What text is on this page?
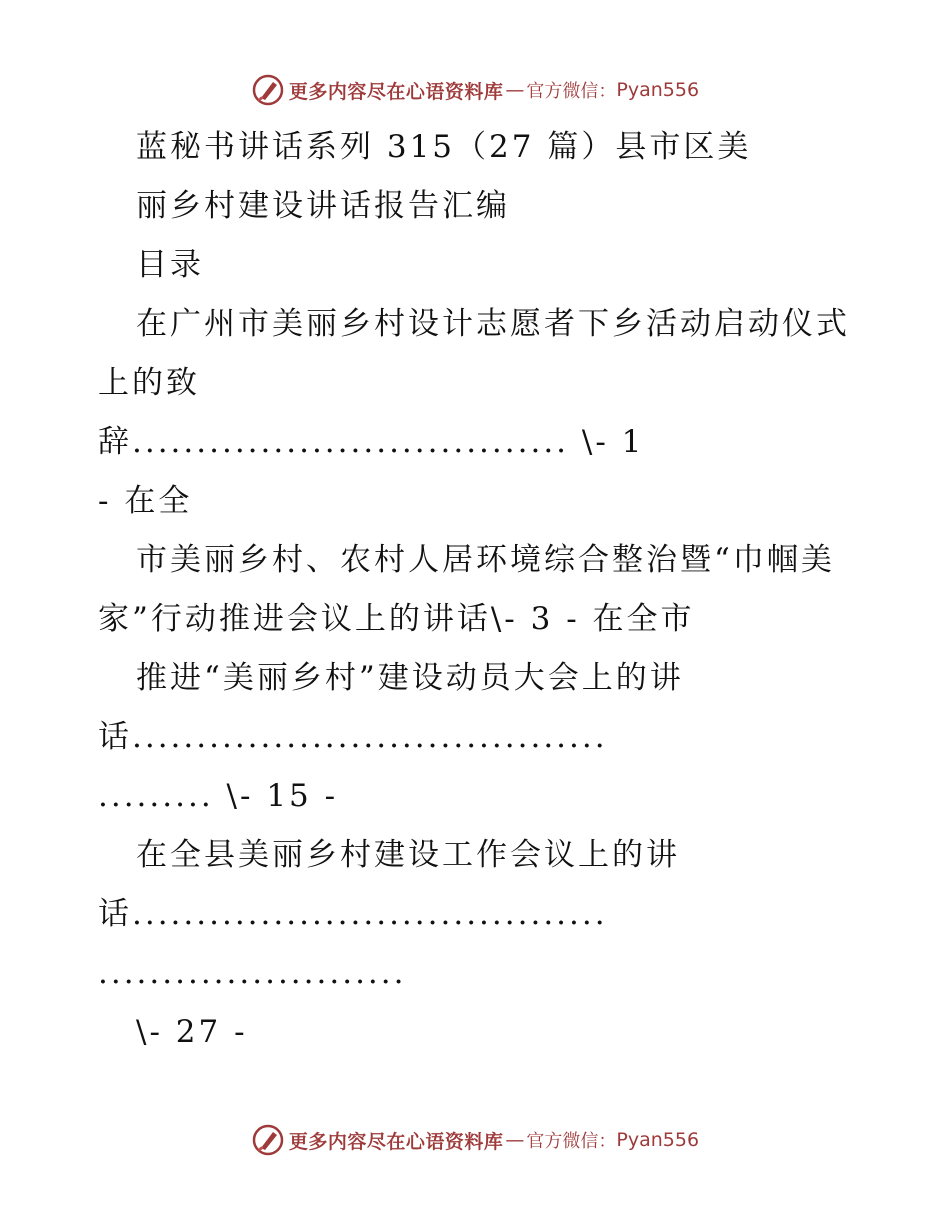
更多内容尽在心语资料库 — 官方微信： Pyan556
蓝秘书讲话系列 315（27 篇）县市区美
丽乡村建设讲话报告汇编
目录
在广州市美丽乡村设计志愿者下乡活动启动仪式
上的致
辞.................................. \- 1
- 在全
市美丽乡村、农村人居环境综合整治暨“巾帼美
家”行动推进会议上的讲话\- 3 - 在全市
推进“美丽乡村”建设动员大会上的讲
话.....................................
......... \- 15 -
在全县美丽乡村建设工作会议上的讲
话.....................................
........................
\- 27 -
更多内容尽在心语资料库 — 官方微信： Pyan556
